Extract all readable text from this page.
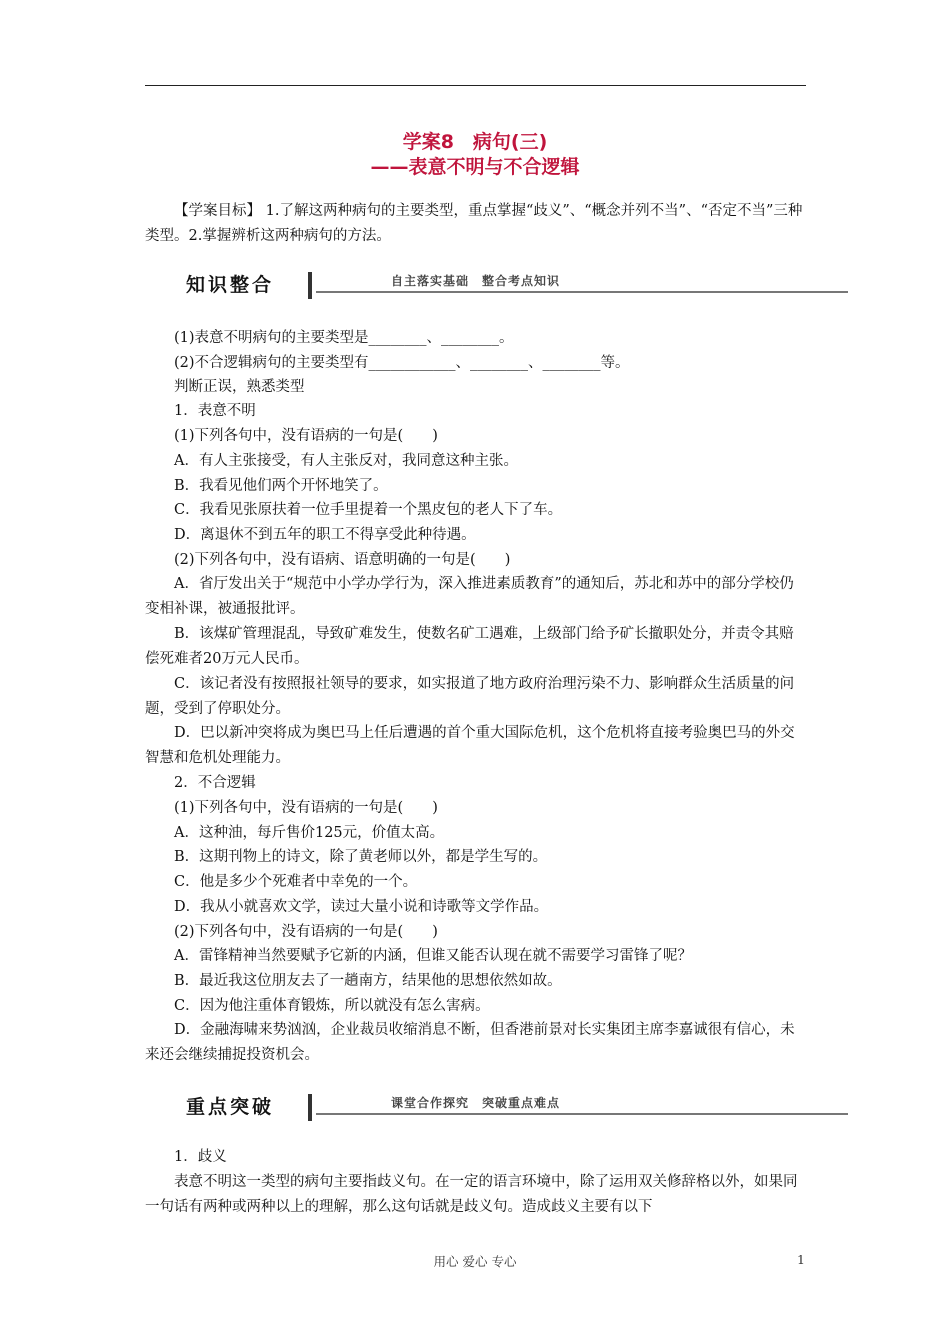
学案8　病句(三)
——表意不明与不合逻辑
【学案目标】 1.了解这两种病句的主要类型，重点掌握“歧义”、“概念并列不当”、“否定不当”三种类型。2.掌握辨析这两种病句的方法。
知识整合	自主落实基础　整合考点知识
(1)表意不明病句的主要类型是________、________。
(2)不合逻辑病句的主要类型有____________、________、________等。
判断正误，熟悉类型
1．表意不明
(1)下列各句中，没有语病的一句是(　　)
A．有人主张接受，有人主张反对，我同意这种主张。
B．我看见他们两个开怀地笑了。
C．我看见张原扶着一位手里提着一个黑皮包的老人下了车。
D．离退休不到五年的职工不得享受此种待遇。
(2)下列各句中，没有语病、语意明确的一句是(　　)
A．省厅发出关于“规范中小学办学行为，深入推进素质教育”的通知后，苏北和苏中的部分学校仍变相补课，被通报批评。
B．该煤矿管理混乱，导致矿难发生，使数名矿工遇难，上级部门给予矿长撤职处分，并责令其赔偿死难者20万元人民币。
C．该记者没有按照报社领导的要求，如实报道了地方政府治理污染不力、影响群众生活质量的问题，受到了停职处分。
D．巴以新冲突将成为奥巴马上任后遭遇的首个重大国际危机，这个危机将直接考验奥巴马的外交智慧和危机处理能力。
2．不合逻辑
(1)下列各句中，没有语病的一句是(　　)
A．这种油，每斤售价125元，价值太高。
B．这期刊物上的诗文，除了黄老师以外，都是学生写的。
C．他是多少个死难者中幸免的一个。
D．我从小就喜欢文学，读过大量小说和诗歌等文学作品。
(2)下列各句中，没有语病的一句是(　　)
A．雷锋精神当然要赋予它新的内涵，但谁又能否认现在就不需要学习雷锋了呢？
B．最近我这位朋友去了一趟南方，结果他的思想依然如故。
C．因为他注重体育锻炼，所以就没有怎么害病。
D．金融海啸来势汹汹，企业裁员收缩消息不断，但香港前景对长实集团主席李嘉诚很有信心，未来还会继续捕捉投资机会。
重点突破	课堂合作探究　突破重点难点
1．歧义
表意不明这一类型的病句主要指歧义句。在一定的语言环境中，除了运用双关修辞格以外，如果同一句话有两种或两种以上的理解，那么这句话就是歧义句。造成歧义主要有以下
用心 爱心 专心	1
